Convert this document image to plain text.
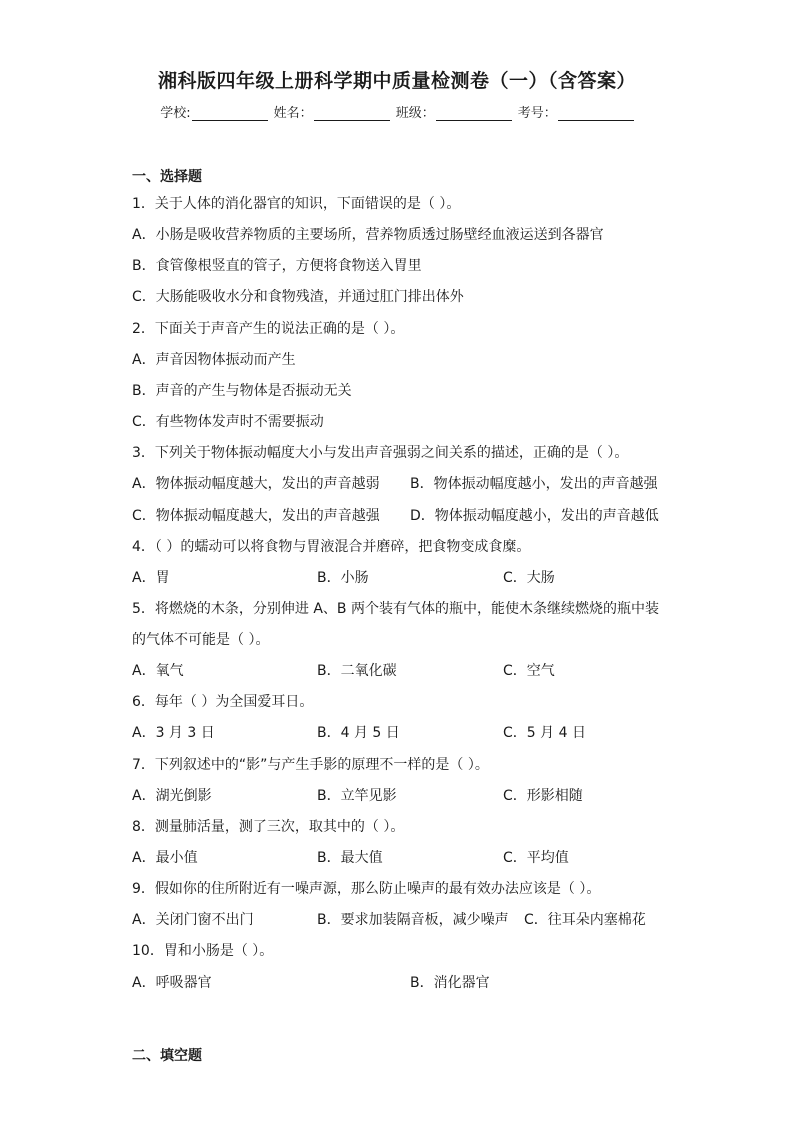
湘科版四年级上册科学期中质量检测卷（一）（含答案）
学校:	姓名：	班级：	考号：
一、选择题
1．关于人体的消化器官的知识，下面错误的是（ ）。
A．小肠是吸收营养物质的主要场所，营养物质透过肠壁经血液运送到各器官
B．食管像根竖直的管子，方便将食物送入胃里
C．大肠能吸收水分和食物残渣，并通过肛门排出体外
2．下面关于声音产生的说法正确的是（ ）。
A．声音因物体振动而产生
B．声音的产生与物体是否振动无关
C．有些物体发声时不需要振动
3．下列关于物体振动幅度大小与发出声音强弱之间关系的描述，正确的是（ ）。
A．物体振动幅度越大，发出的声音越弱 B．物体振动幅度越小，发出的声音越强
C．物体振动幅度越大，发出的声音越强 D．物体振动幅度越小，发出的声音越低
4．（ ）的蠕动可以将食物与胃液混合并磨碎，把食物变成食糜。
A．胃	B．小肠	C．大肠
5．将燃烧的木条，分别伸进 A、B 两个装有气体的瓶中，能使木条继续燃烧的瓶中装
的气体不可能是（ ）。
A．氧气	B．二氧化碳	C．空气
6．每年（ ）为全国爱耳日。
A．3 月 3 日	B．4 月 5 日	C．5 月 4 日
7．下列叙述中的“影”与产生手影的原理不一样的是（ ）。
A．湖光倒影	B．立竿见影	C．形影相随
8．测量肺活量，测了三次，取其中的（ ）。
A．最小值	B．最大值	C．平均值
9．假如你的住所附近有一噪声源，那么防止噪声的最有效办法应该是（ ）。
A．关闭门窗不出门	B．要求加装隔音板，减少噪声 C．往耳朵内塞棉花
10．胃和小肠是（ ）。
A．呼吸器官	B．消化器官
二、填空题
